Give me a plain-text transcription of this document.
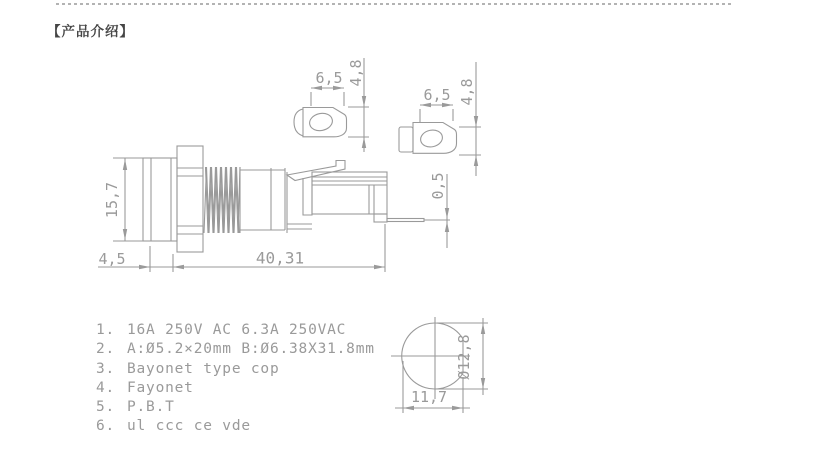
【产品介绍】
6,5 4,8
6,5 4,8
15,7
4,5	40,31
0,5
Ø12,8
11,7
1. 16A 250V AC 6.3A 250VAC
2. A:Ø5.2×20mm B:Ø6.38X31.8mm
3. Bayonet type cop
4. Fayonet
5. P.B.T
6. ul ccc ce vde
